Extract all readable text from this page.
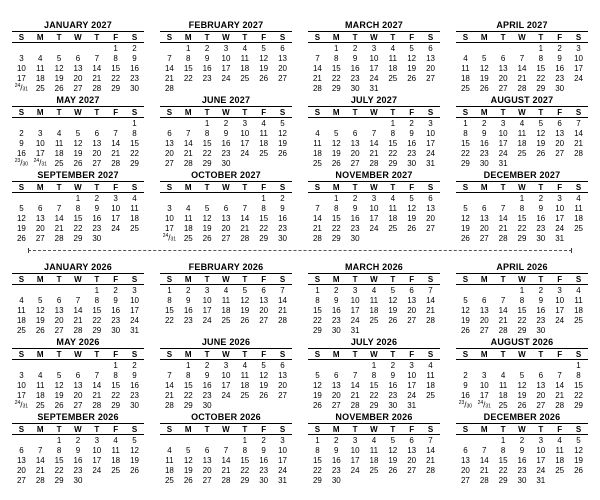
JANUARY 2027
S	M	T	W	T	F	S
					1	2
3	4	5	6	7	8	9
10	11	12	13	14	15	16
17	18	19	20	21	22	23
$^{24}$/31	25	26	27	28	29	30
FEBRUARY 2027
S	M	T	W	T	F	S
	1	2	3	4	5	6
7	8	9	10	11	12	13
14	15	16	17	18	19	20
21	22	23	24	25	26	27
28						
MARCH 2027
S	M	T	W	T	F	S
	1	2	3	4	5	6
7	8	9	10	11	12	13
14	15	16	17	18	19	20
21	22	23	24	25	26	27
28	29	30	31			
APRIL 2027
S	M	T	W	T	F	S
				1	2	3
4	5	6	7	8	9	10
11	12	13	14	15	16	17
18	19	20	21	22	23	24
25	26	27	28	29	30	
MAY 2027
S	M	T	W	T	F	S
						1
2	3	4	5	6	7	8
9	10	11	12	13	14	15
16	17	18	19	20	21	22
$^{23}$/30	$^{24}$/31	25	26	27	28	29
JUNE 2027
S	M	T	W	T	F	S
		1	2	3	4	5
6	7	8	9	10	11	12
13	14	15	16	17	18	19
20	21	22	23	24	25	26
27	28	29	30			
JULY 2027
S	M	T	W	T	F	S
				1	2	3
4	5	6	7	8	9	10
11	12	13	14	15	16	17
18	19	20	21	22	23	24
25	26	27	28	29	30	31
AUGUST 2027
S	M	T	W	T	F	S
1	2	3	4	5	6	7
8	9	10	11	12	13	14
15	16	17	18	19	20	21
22	23	24	25	26	27	28
29	30	31				
SEPTEMBER 2027
S	M	T	W	T	F	S
			1	2	3	4
5	6	7	8	9	10	11
12	13	14	15	16	17	18
19	20	21	22	23	24	25
26	27	28	29	30		
OCTOBER 2027
S	M	T	W	T	F	S
					1	2
3	4	5	6	7	8	9
10	11	12	13	14	15	16
17	18	19	20	21	22	23
$^{24}$/31	25	26	27	28	29	30
NOVEMBER 2027
S	M	T	W	T	F	S
	1	2	3	4	5	6
7	8	9	10	11	12	13
14	15	16	17	18	19	20
21	22	23	24	25	26	27
28	29	30				
DECEMBER 2027
S	M	T	W	T	F	S
			1	2	3	4
5	6	7	8	9	10	11
12	13	14	15	16	17	18
19	20	21	22	23	24	25
26	27	28	29	30	31	
JANUARY 2026
S	M	T	W	T	F	S
				1	2	3
4	5	6	7	8	9	10
11	12	13	14	15	16	17
18	19	20	21	22	23	24
25	26	27	28	29	30	31
FEBRUARY 2026
S	M	T	W	T	F	S
1	2	3	4	5	6	7
8	9	10	11	12	13	14
15	16	17	18	19	20	21
22	23	24	25	26	27	28

MARCH 2026
S	M	T	W	T	F	S
1	2	3	4	5	6	7
8	9	10	11	12	13	14
15	16	17	18	19	20	21
22	23	24	25	26	27	28
29	30	31				
APRIL 2026
S	M	T	W	T	F	S
			1	2	3	4
5	6	7	8	9	10	11
12	13	14	15	16	17	18
19	20	21	22	23	24	25
26	27	28	29	30		
MAY 2026
S	M	T	W	T	F	S
					1	2
3	4	5	6	7	8	9
10	11	12	13	14	15	16
17	18	19	20	21	22	23
$^{24}$/31	25	26	27	28	29	30
JUNE 2026
S	M	T	W	T	F	S
	1	2	3	4	5	6
7	8	9	10	11	12	13
14	15	16	17	18	19	20
21	22	23	24	25	26	27
28	29	30				
JULY 2026
S	M	T	W	T	F	S
			1	2	3	4
5	6	7	8	9	10	11
12	13	14	15	16	17	18
19	20	21	22	23	24	25
26	27	28	29	30	31	
AUGUST 2026
S	M	T	W	T	F	S
						1
2	3	4	5	6	7	8
9	10	11	12	13	14	15
16	17	18	19	20	21	22
$^{23}$/30	$^{24}$/31	25	26	27	28	29
SEPTEMBER 2026
S	M	T	W	T	F	S
		1	2	3	4	5
6	7	8	9	10	11	12
13	14	15	16	17	18	19
20	21	22	23	24	25	26
27	28	29	30			
OCTOBER 2026
S	M	T	W	T	F	S
				1	2	3
4	5	6	7	8	9	10
11	12	13	14	15	16	17
18	19	20	21	22	23	24
25	26	27	28	29	30	31
NOVEMBER 2026
S	M	T	W	T	F	S
1	2	3	4	5	6	7
8	9	10	11	12	13	14
15	16	17	18	19	20	21
22	23	24	25	26	27	28
29	30					
DECEMBER 2026
S	M	T	W	T	F	S
		1	2	3	4	5
6	7	8	9	10	11	12
13	14	15	16	17	18	19
20	21	22	23	24	25	26
27	28	29	30	31		
